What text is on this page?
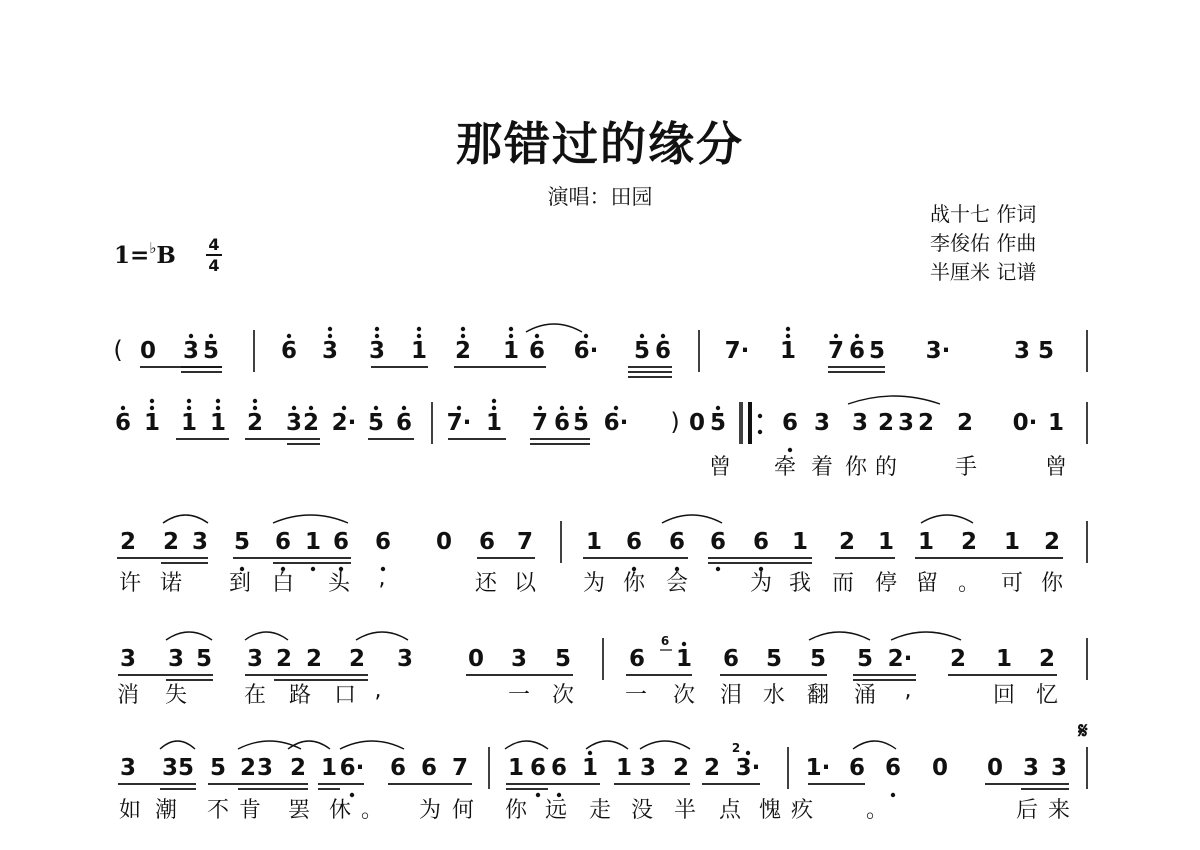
那错过的缘分
演唱：田园
战十七 作词
李俊佑 作曲
半厘米 记谱
1=♭B	4
4
0 3 5	6 3 3 1 2 1 6 6· 5 6 7· 1 7 6 5 3·	3 5
6 1 1 1 2 3 2 2· 5 6 7· 1 7 6 5 6·	0 5 6 3 3 2 3 2 2 0· 1
2 2 3 5 6 1 6 6 0 6 7 1 6 6 6 6 1 2 1 1 2 1 2
3 3 5 3 2 2 2 3 0 3 5	6 1 6 5 5 5 2· 2 1 2
3 3 5 5 2 3 2 1 6· 6 6 7 1 6 6 1 1 3 2 2 3· 1· 6 6 0 0 3 3
(
)
6
2
𝄋
曾 牵 着 你 的	手	曾
许 诺 到 白 头 ,	还 以 为 你 会	为 我 而 停 留 。 可 你
消 失	在 路 口 ,	一 次 一 次 泪 水 翻 涌 ,	回 忆
如 潮 不 肯 罢 休 。 为 何 你 远 走 没 半 点 愧 疚 。	后 来
